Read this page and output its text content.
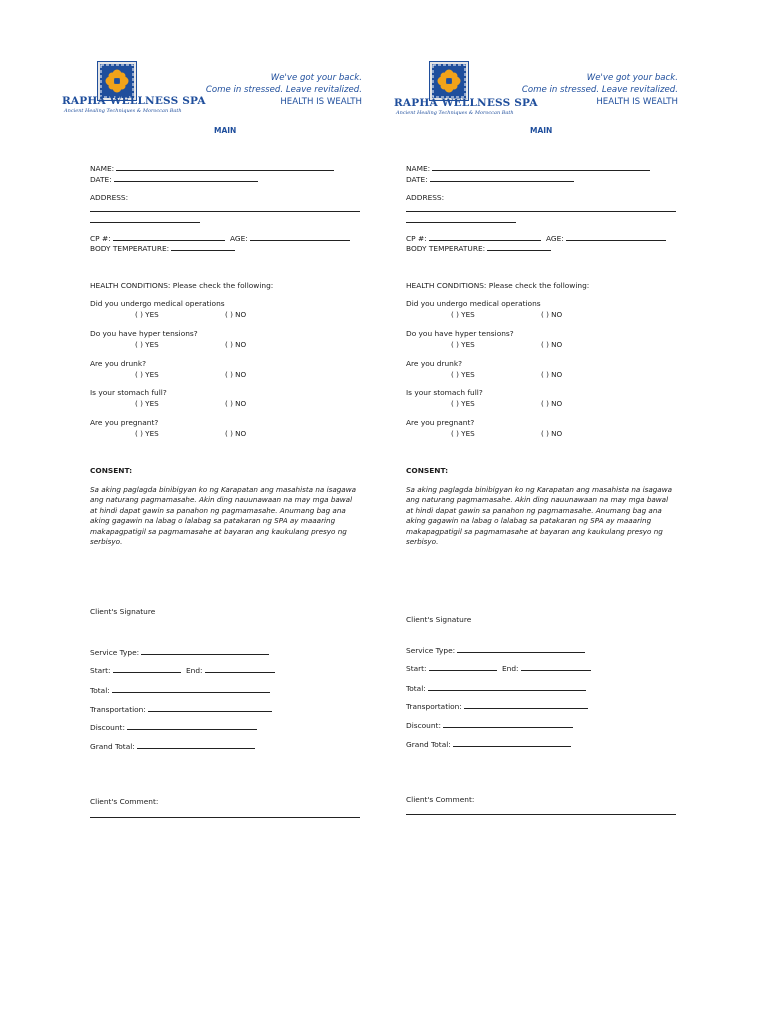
RAPHA WELLNESS SPA
Ancient Healing Techniques & Moroccan Bath
We've got your back.
Come in stressed. Leave revitalized.
HEALTH IS WEALTH
MAIN
NAME:
DATE:
ADDRESS:
CP #:	AGE:
BODY TEMPERATURE:
HEALTH CONDITIONS: Please check the following:
Did you undergo medical operations
( ) YES	( ) NO
Do you have hyper tensions?
( ) YES	( ) NO
Are you drunk?
( ) YES	( ) NO
Is your stomach full?
( ) YES	( ) NO
Are you pregnant?
( ) YES	( ) NO
CONSENT:
Sa aking paglagda binibigyan ko ng Karapatan ang masahista na isagawa ang naturang pagmamasahe. Akin ding nauunawaan na may mga bawal at hindi dapat gawin sa panahon ng pagmamasahe. Anumang bag ana aking gagawin na labag o lalabag sa patakaran ng SPA ay maaaring makapagpatigil sa pagmamasahe at bayaran ang kaukulang presyo ng serbisyo.
Client's Signature
Service Type:
Start:	End:
Total:
Transportation:
Discount:
Grand Total:
Client's Comment:
RAPHA WELLNESS SPA
Ancient Healing Techniques & Moroccan Bath
We've got your back.
Come in stressed. Leave revitalized.
HEALTH IS WEALTH
MAIN
NAME:
DATE:
ADDRESS:
CP #:	AGE:
BODY TEMPERATURE:
HEALTH CONDITIONS: Please check the following:
Did you undergo medical operations
( ) YES	( ) NO
Do you have hyper tensions?
( ) YES	( ) NO
Are you drunk?
( ) YES	( ) NO
Is your stomach full?
( ) YES	( ) NO
Are you pregnant?
( ) YES	( ) NO
CONSENT:
Sa aking paglagda binibigyan ko ng Karapatan ang masahista na isagawa ang naturang pagmamasahe. Akin ding nauunawaan na may mga bawal at hindi dapat gawin sa panahon ng pagmamasahe. Anumang bag ana aking gagawin na labag o lalabag sa patakaran ng SPA ay maaaring makapagpatigil sa pagmamasahe at bayaran ang kaukulang presyo ng serbisyo.
Client's Signature
Service Type:
Start:	End:
Total:
Transportation:
Discount:
Grand Total:
Client's Comment:
